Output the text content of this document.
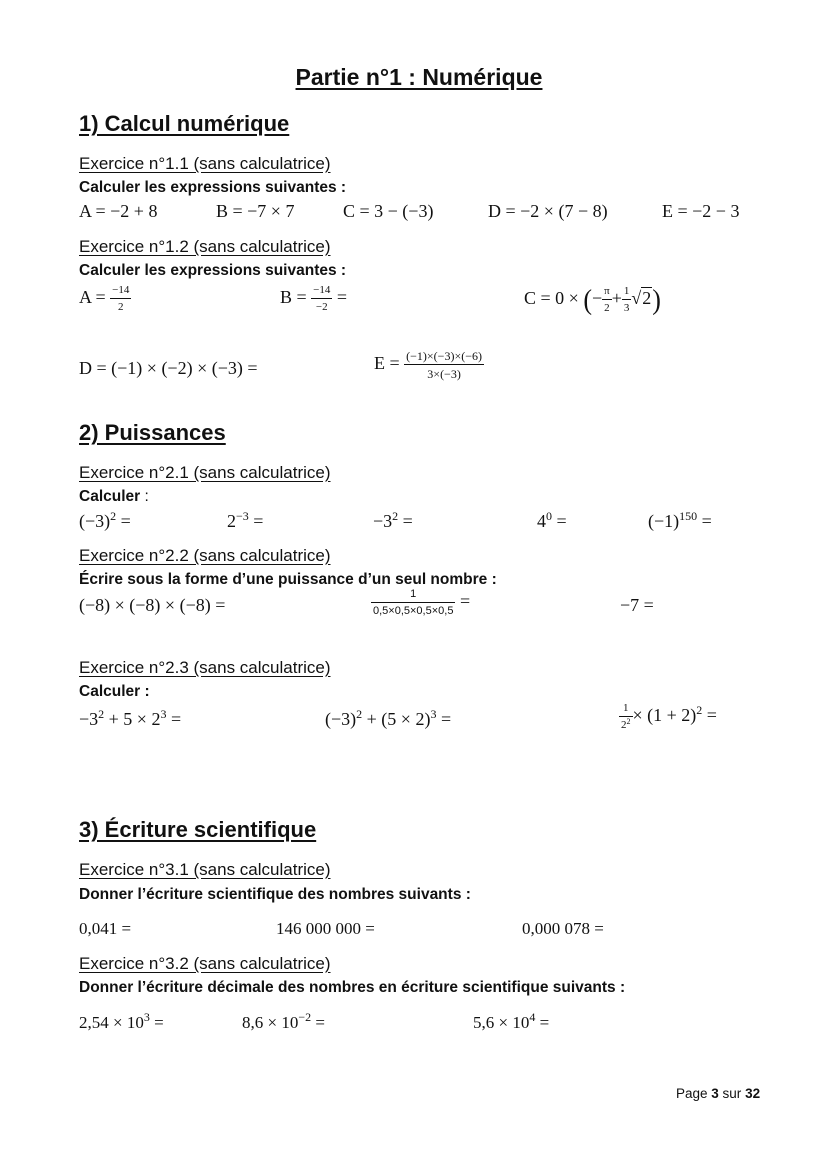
Partie n°1 : Numérique
1) Calcul numérique
Exercice n°1.1 (sans calculatrice)
Calculer les expressions suivantes :
A = −2 + 8	B = −7 × 7	C = 3 − (−3)	D = −2 × (7 − 8)	E = −2 − 3
Exercice n°1.2 (sans calculatrice)
Calculer les expressions suivantes :
$A = \frac{-14}{2}$	$B = \frac{-14}{-2}$ =	C = 0 × (− $\frac{\pi}{2} + \frac{1}{3} √2$)
D = (−1) × (−2) × (−3) =	$E = \frac{(-1)\times(-3)\times(-6)}{3\times(-3)}$
2) Puissances
Exercice n°2.1 (sans calculatrice)
Calculer :
$(-3)^2$ =	$2^{-3}$ =	$-3^2$ =	$4^0$ =	$(-1)^{150}$ =
Exercice n°2.2 (sans calculatrice)
Écrire sous la forme d’une puissance d’un seul nombre :
(−8) × (−8) × (−8) =	$\frac{1}{0,5\times 0,5\times 0,5\times 0,5}$ =	−7 =
Exercice n°2.3 (sans calculatrice)
Calculer :
$-3^2 + 5 \times 2^3$ =	$(-3)^2 + (5 \times 2)^3$ =	$\frac{1}{2^2} \times (1 + 2)^2$ =
3) Écriture scientifique
Exercice n°3.1 (sans calculatrice)
Donner l’écriture scientifique des nombres suivants :
0,041 =	146 000 000 =	0,000 078 =
Exercice n°3.2 (sans calculatrice)
Donner l’écriture décimale des nombres en écriture scientifique suivants :
$2,54 \times 10^3$ =	$8,6 \times 10^{-2}$ =	$5,6 \times 10^4$ =
Page 3 sur 32
